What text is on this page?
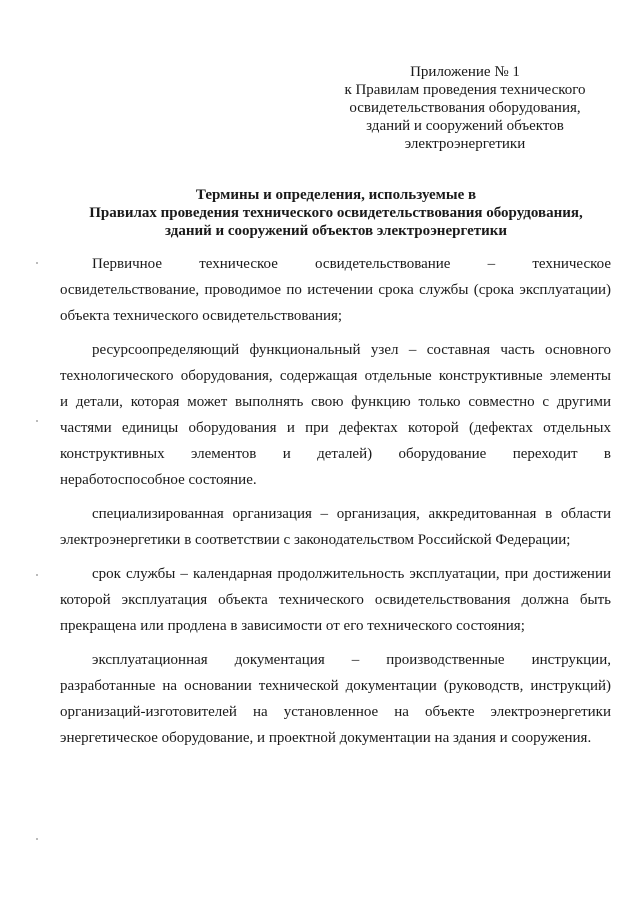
Приложение № 1
к Правилам проведения технического
освидетельствования оборудования,
зданий и сооружений объектов
электроэнергетики
Термины и определения, используемые в
Правилах проведения технического освидетельствования оборудования,
зданий и сооружений объектов электроэнергетики
Первичное техническое освидетельствование – техническое
освидетельствование, проводимое по истечении срока службы (срока эксплуатации)
объекта технического освидетельствования;
ресурсоопределяющий функциональный узел – составная часть основного
технологического оборудования, содержащая отдельные конструктивные элементы
и детали, которая может выполнять свою функцию только совместно с другими
частями единицы оборудования и при дефектах которой (дефектах отдельных
конструктивных элементов и деталей) оборудование переходит в
неработоспособное состояние.
специализированная организация – организация, аккредитованная в области
электроэнергетики в соответствии с законодательством Российской Федерации;
срок службы – календарная продолжительность эксплуатации, при достижении
которой эксплуатация объекта технического освидетельствования должна быть
прекращена или продлена в зависимости от его технического состояния;
эксплуатационная документация – производственные инструкции,
разработанные на основании технической документации (руководств, инструкций)
организаций-изготовителей на установленное на объекте электроэнергетики
энергетическое оборудование, и проектной документации на здания и сооружения.
